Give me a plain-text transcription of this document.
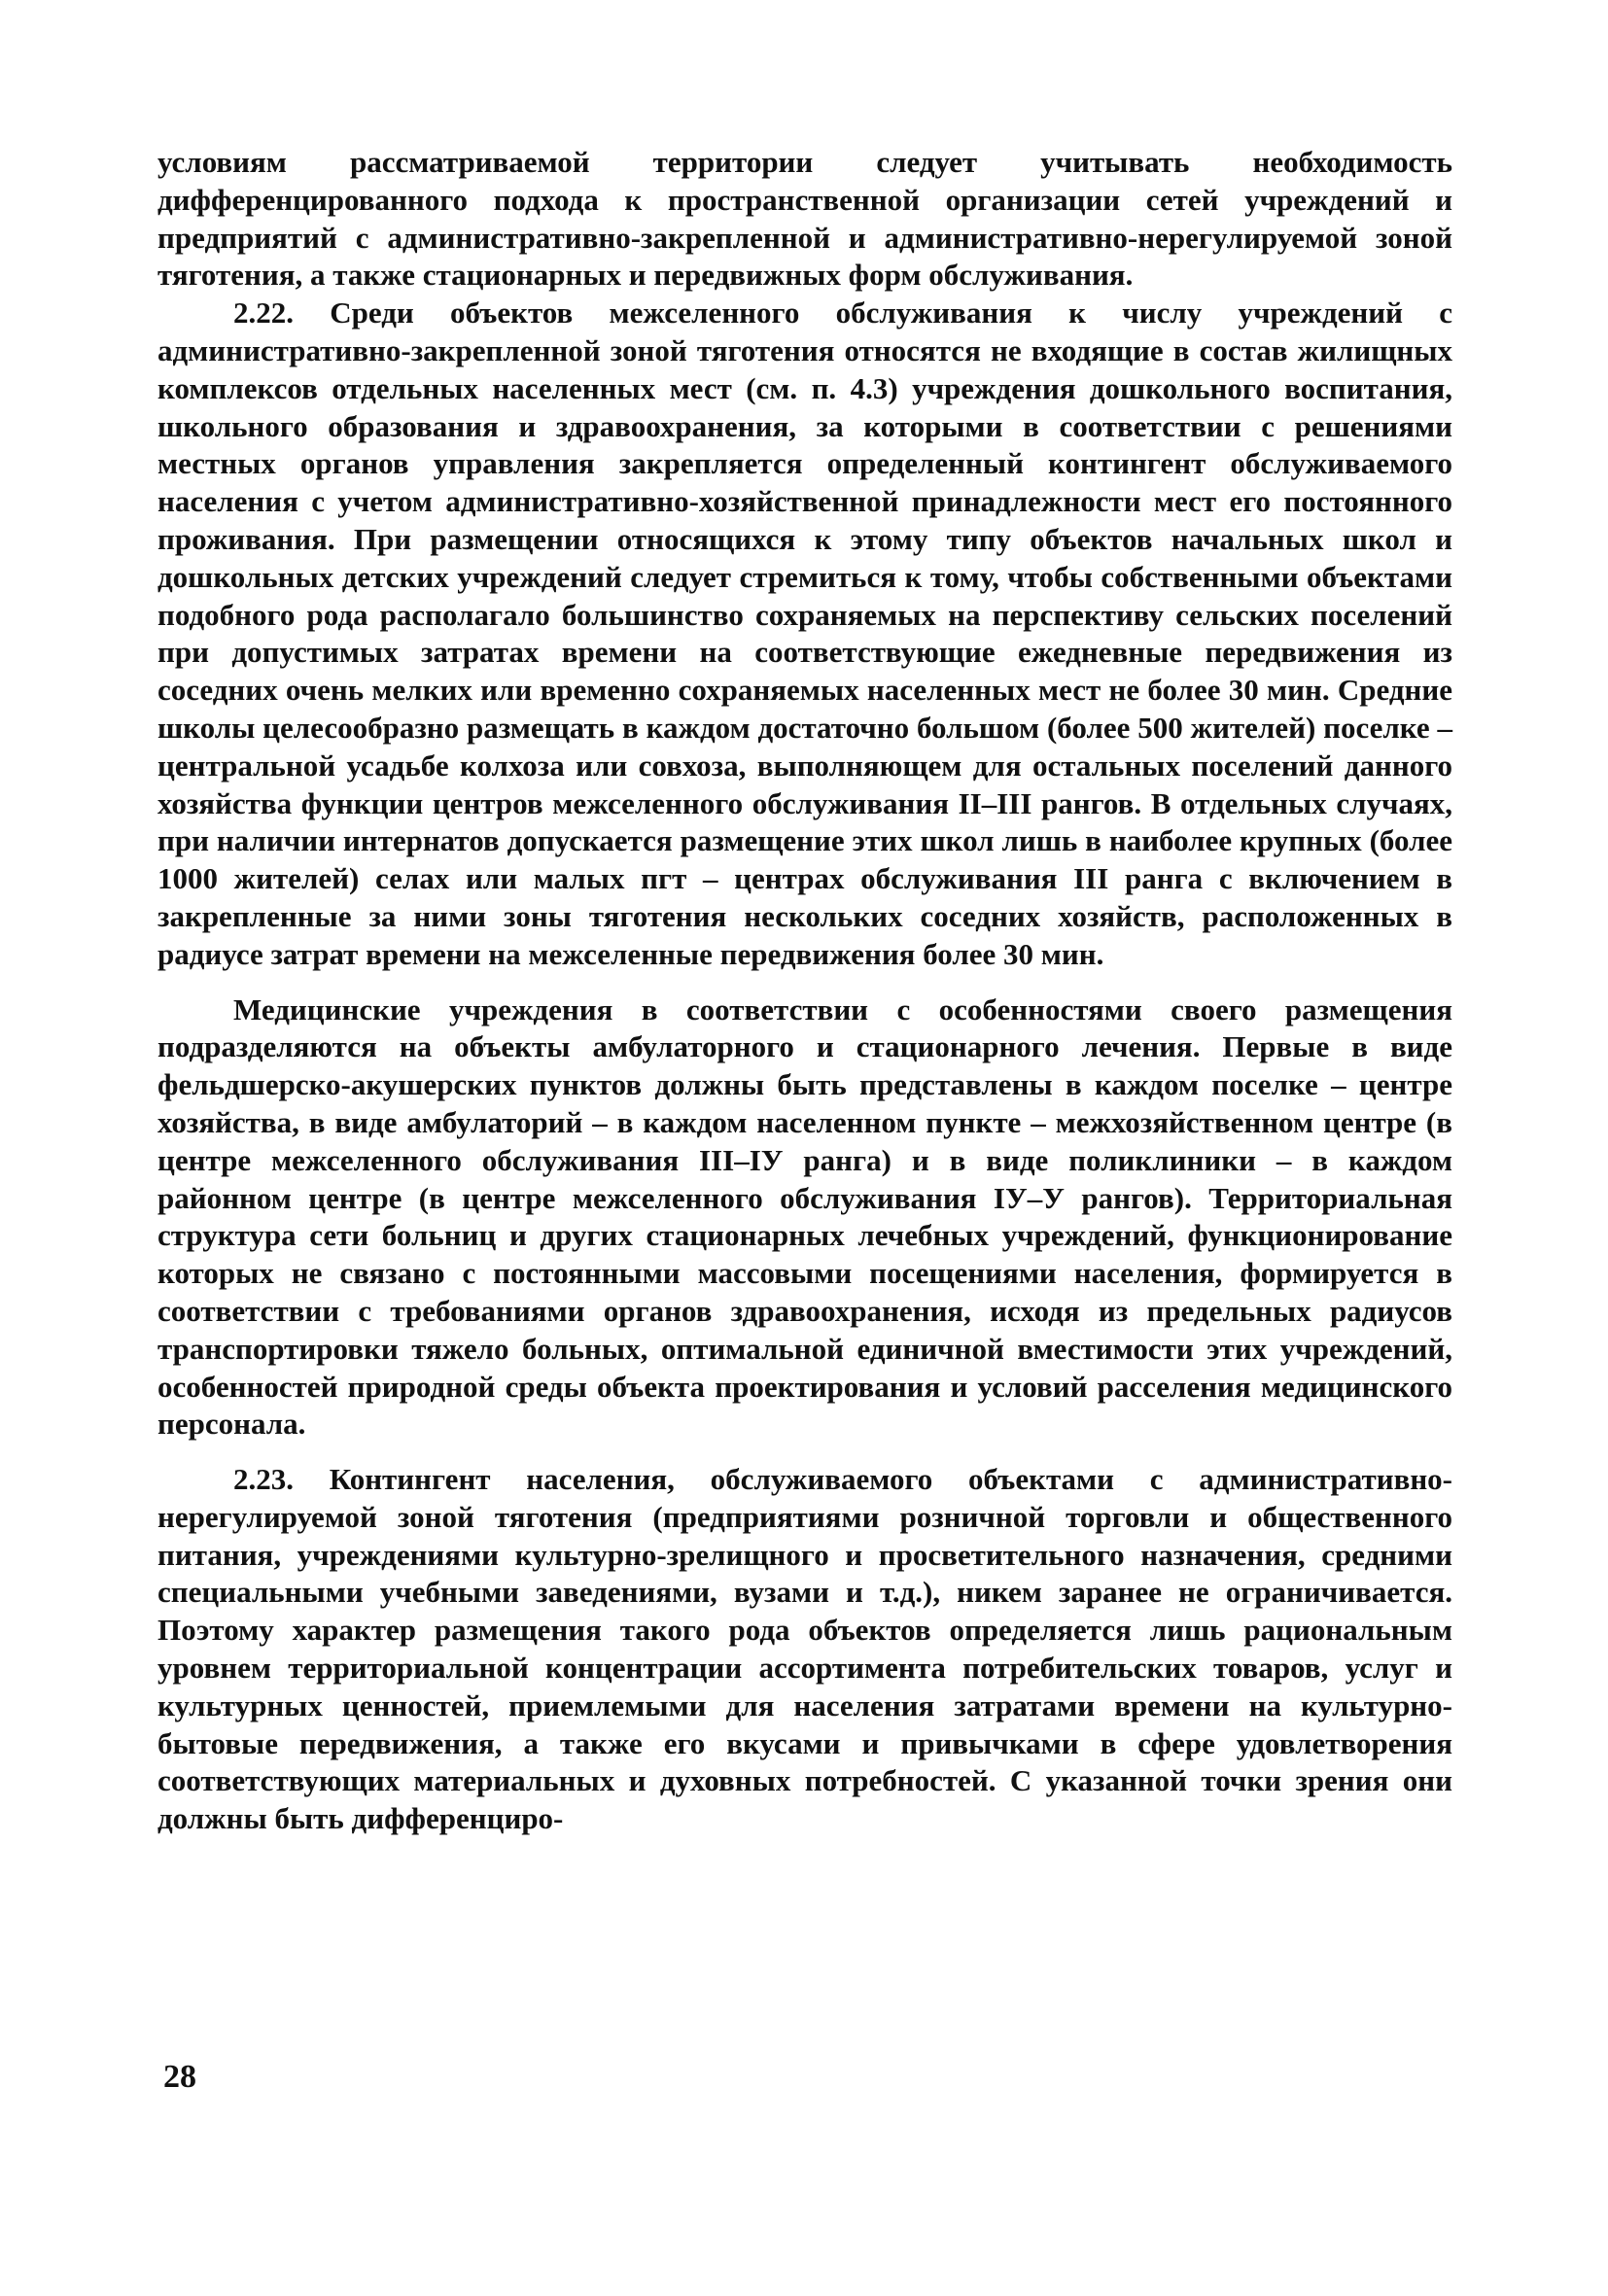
условиям рассматриваемой территории следует учитывать необходимость дифференцированного подхода к пространственной организации сетей учреждений и предприятий с административно-закрепленной и административно-нерегулируемой зоной тяготения, а также стационарных и передвижных форм обслуживания.

2.22. Среди объектов межселенного обслуживания к числу учреждений с административно-закрепленной зоной тяготения относятся не входящие в состав жилищных комплексов отдельных населенных мест (см. п. 4.3) учреждения дошкольного воспитания, школьного образования и здравоохранения, за которыми в соответствии с решениями местных органов управления закрепляется определенный контингент обслуживаемого населения с учетом административно-хозяйственной принадлежности мест его постоянного проживания. При размещении относящихся к этому типу объектов начальных школ и дошкольных детских учреждений следует стремиться к тому, чтобы собственными объектами подобного рода располагало большинство сохраняемых на перспективу сельских поселений при допустимых затратах времени на соответствующие ежедневные передвижения из соседних очень мелких или временно сохраняемых населенных мест не более 30 мин. Средние школы целесообразно размещать в каждом достаточно большом (более 500 жителей) поселке – центральной усадьбе колхоза или совхоза, выполняющем для остальных поселений данного хозяйства функции центров межселенного обслуживания II–III рангов. В отдельных случаях, при наличии интернатов допускается размещение этих школ лишь в наиболее крупных (более 1000 жителей) селах или малых пгт – центрах обслуживания III ранга с включением в закрепленные за ними зоны тяготения нескольких соседних хозяйств, расположенных в радиусе затрат времени на межселенные передвижения более 30 мин.

Медицинские учреждения в соответствии с особенностями своего размещения подразделяются на объекты амбулаторного и стационарного лечения. Первые в виде фельдшерско-акушерских пунктов должны быть представлены в каждом поселке – центре хозяйства, в виде амбулаторий – в каждом населенном пункте – межхозяйственном центре (в центре межселенного обслуживания III–IУ ранга) и в виде поликлиники – в каждом районном центре (в центре межселенного обслуживания IУ–У рангов). Территориальная структура сети больниц и других стационарных лечебных учреждений, функционирование которых не связано с постоянными массовыми посещениями населения, формируется в соответствии с требованиями органов здравоохранения, исходя из предельных радиусов транспортировки тяжело больных, оптимальной единичной вместимости этих учреждений, особенностей природной среды объекта проектирования и условий расселения медицинского персонала.

2.23. Контингент населения, обслуживаемого объектами с административно-нерегулируемой зоной тяготения (предприятиями розничной торговли и общественного питания, учреждениями культурно-зрелищного и просветительного назначения, средними специальными учебными заведениями, вузами и т.д.), никем заранее не ограничивается. Поэтому характер размещения такого рода объектов определяется лишь рациональным уровнем территориальной концентрации ассортимента потребительских товаров, услуг и культурных ценностей, приемлемыми для населения затратами времени на культурно-бытовые передвижения, а также его вкусами и привычками в сфере удовлетворения соответствующих материальных и духовных потребностей. С указанной точки зрения они должны быть дифференциро-

28
